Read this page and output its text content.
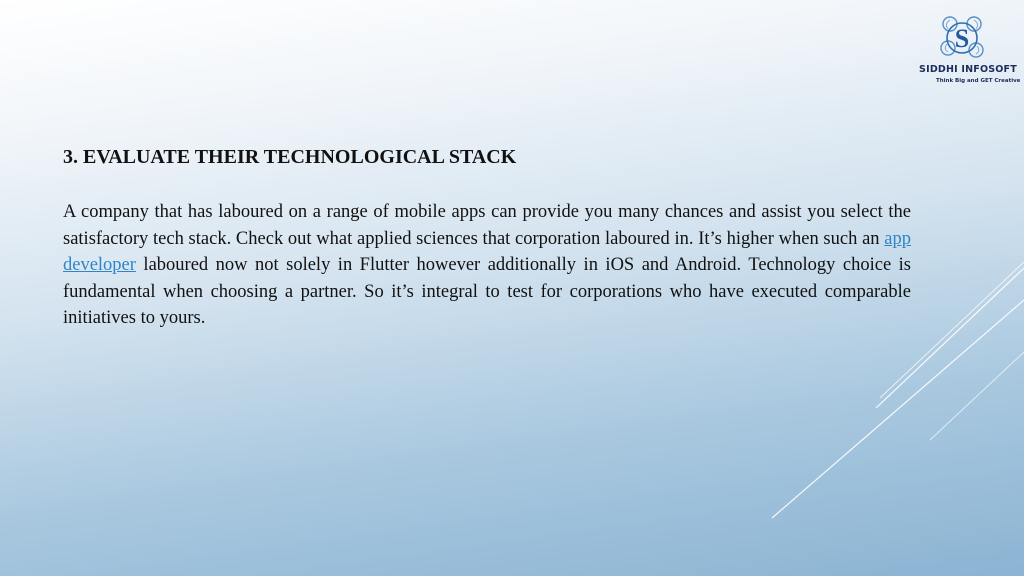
S
SIDDHI INFOSOFT
Think Big and GET Creative
3. EVALUATE THEIR TECHNOLOGICAL STACK

A company that has laboured on a range of mobile apps can provide you many chances and assist you select the satisfactory tech stack. Check out what applied sciences that corporation laboured in. It’s higher when such an app developer laboured now not solely in Flutter however additionally in iOS and Android. Technology choice is fundamental when choosing a partner. So it’s integral to test for corporations who have executed comparable initiatives to yours.
